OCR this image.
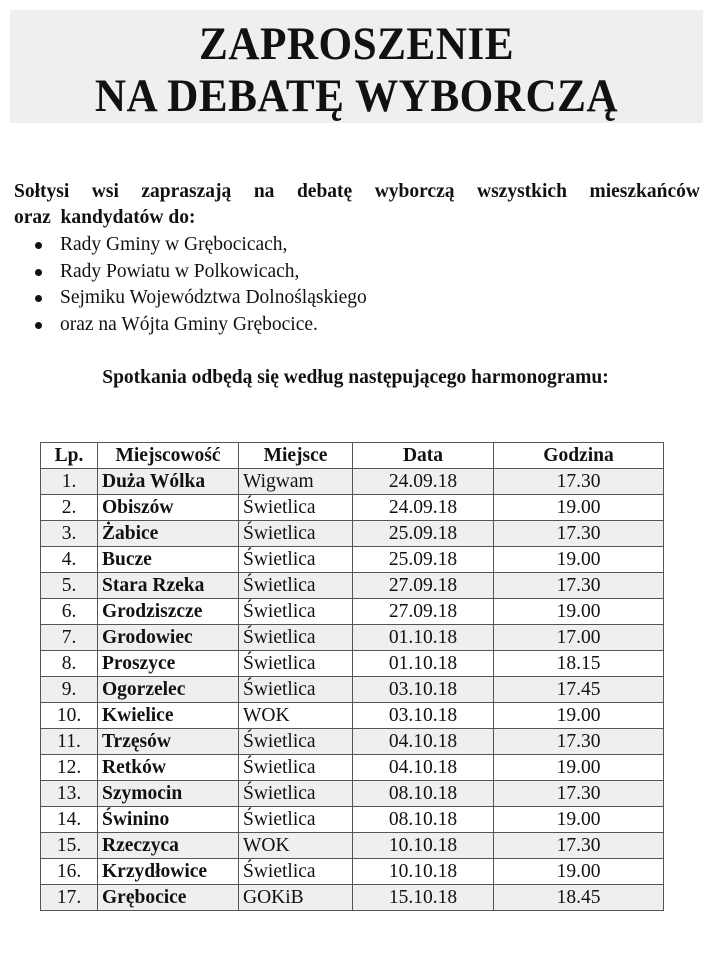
ZAPROSZENIE
NA DEBATĘ WYBORCZĄ
Sołtysi wsi zapraszają na debatę wyborczą wszystkich mieszkańców
oraz  kandydatów do:
Rady Gminy w Grębocicach,
Rady Powiatu w Polkowicach,
Sejmiku Województwa Dolnośląskiego
oraz na Wójta Gminy Grębocice.
Spotkania odbędą się według następującego harmonogramu:
Lp.	Miejscowość	Miejsce	Data	Godzina
1.	Duża Wólka	Wigwam	24.09.18	17.30
2.	Obiszów	Świetlica	24.09.18	19.00
3.	Żabice	Świetlica	25.09.18	17.30
4.	Bucze	Świetlica	25.09.18	19.00
5.	Stara Rzeka	Świetlica	27.09.18	17.30
6.	Grodziszcze	Świetlica	27.09.18	19.00
7.	Grodowiec	Świetlica	01.10.18	17.00
8.	Proszyce	Świetlica	01.10.18	18.15
9.	Ogorzelec	Świetlica	03.10.18	17.45
10.	Kwielice	WOK	03.10.18	19.00
11.	Trzęsów	Świetlica	04.10.18	17.30
12.	Retków	Świetlica	04.10.18	19.00
13.	Szymocin	Świetlica	08.10.18	17.30
14.	Świnino	Świetlica	08.10.18	19.00
15.	Rzeczyca	WOK	10.10.18	17.30
16.	Krzydłowice	Świetlica	10.10.18	19.00
17.	Grębocice	GOKiB	15.10.18	18.45
